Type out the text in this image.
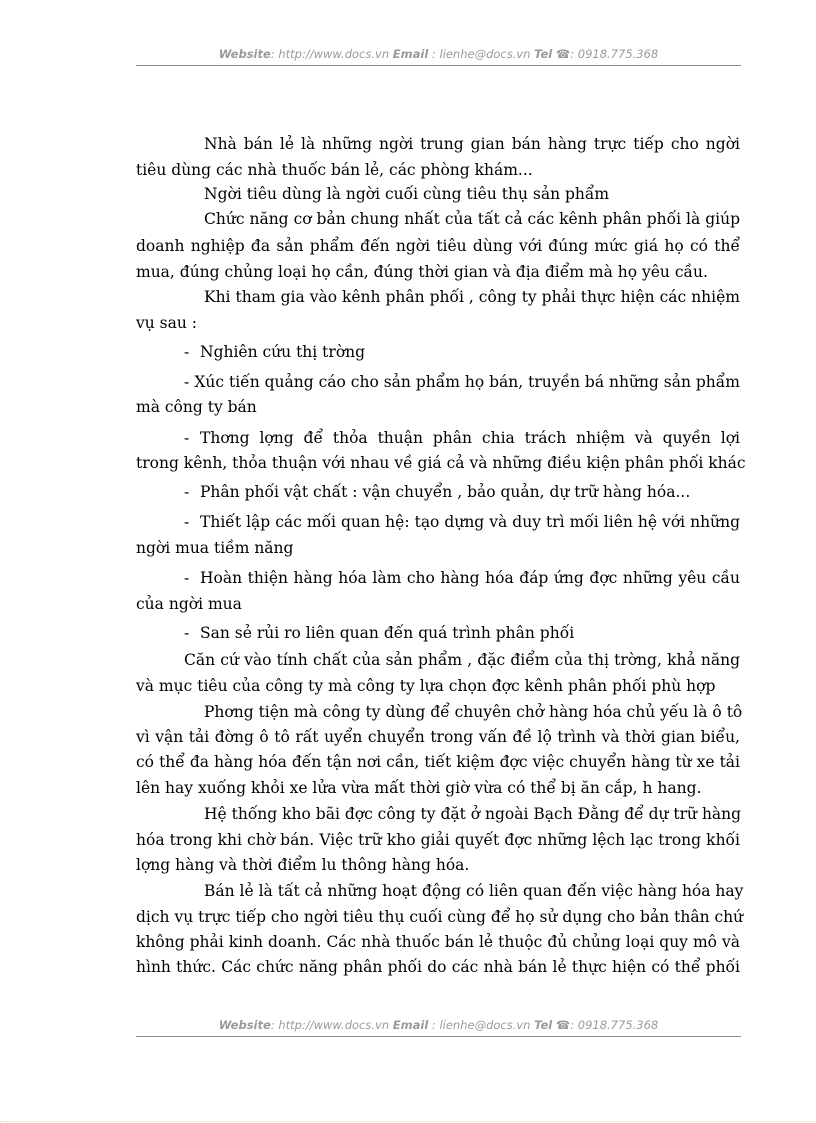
Website: http://www.docs.vn Email : lienhe@docs.vn Tel ☎: 0918.775.368
Nhà bán lẻ là những ngời trung gian bán hàng trực tiếp cho ngời
tiêu dùng các nhà thuốc bán lẻ, các phòng khám...
Ngời tiêu dùng là ngời cuối cùng tiêu thụ sản phẩm
Chức năng cơ bản chung nhất của tất cả các kênh phân phối là giúp
doanh nghiệp đa sản phẩm đến ngời tiêu dùng với đúng mức giá họ có thể
mua, đúng chủng loại họ cần, đúng thời gian và địa điểm mà họ yêu cầu.
Khi tham gia vào kênh phân phối , công ty phải thực hiện các nhiệm
vụ sau :
- Nghiên cứu thị trờng
- Xúc tiến quảng cáo cho sản phẩm họ bán, truyền bá những sản phẩm
mà công ty bán
- Thơng lợng để thỏa thuận phân chia trách nhiệm và quyền lợi
trong kênh, thỏa thuận với nhau về giá cả và những điều kiện phân phối khác
- Phân phối vật chất : vận chuyển , bảo quản, dự trữ hàng hóa...
- Thiết lập các mối quan hệ: tạo dựng và duy trì mối liên hệ với những
ngời mua tiềm năng
- Hoàn thiện hàng hóa làm cho hàng hóa đáp ứng đợc những yêu cầu
của ngời mua
- San sẻ rủi ro liên quan đến quá trình phân phối
Căn cứ vào tính chất của sản phẩm , đặc điểm của thị trờng, khả năng
và mục tiêu của công ty mà công ty lựa chọn đợc kênh phân phối phù hợp
Phơng tiện mà công ty dùng để chuyên chở hàng hóa chủ yếu là ô tô
vì vận tải đờng ô tô rất uyển chuyển trong vấn đề lộ trình và thời gian biểu,
có thể đa hàng hóa đến tận nơi cần, tiết kiệm đợc việc chuyển hàng từ xe tải
lên hay xuống khỏi xe lửa vừa mất thời giờ vừa có thể bị ăn cắp, h hang.
Hệ thống kho bãi đợc công ty đặt ở ngoài Bạch Đằng để dự trữ hàng
hóa trong khi chờ bán. Việc trữ kho giải quyết đợc những lệch lạc trong khối
lợng hàng và thời điểm lu thông hàng hóa.
Bán lẻ là tất cả những hoạt động có liên quan đến việc hàng hóa hay
dịch vụ trực tiếp cho ngời tiêu thụ cuối cùng để họ sử dụng cho bản thân chứ
không phải kinh doanh. Các nhà thuốc bán lẻ thuộc đủ chủng loại quy mô và
hình thức. Các chức năng phân phối do các nhà bán lẻ thực hiện có thể phối
Website: http://www.docs.vn Email : lienhe@docs.vn Tel ☎: 0918.775.368
